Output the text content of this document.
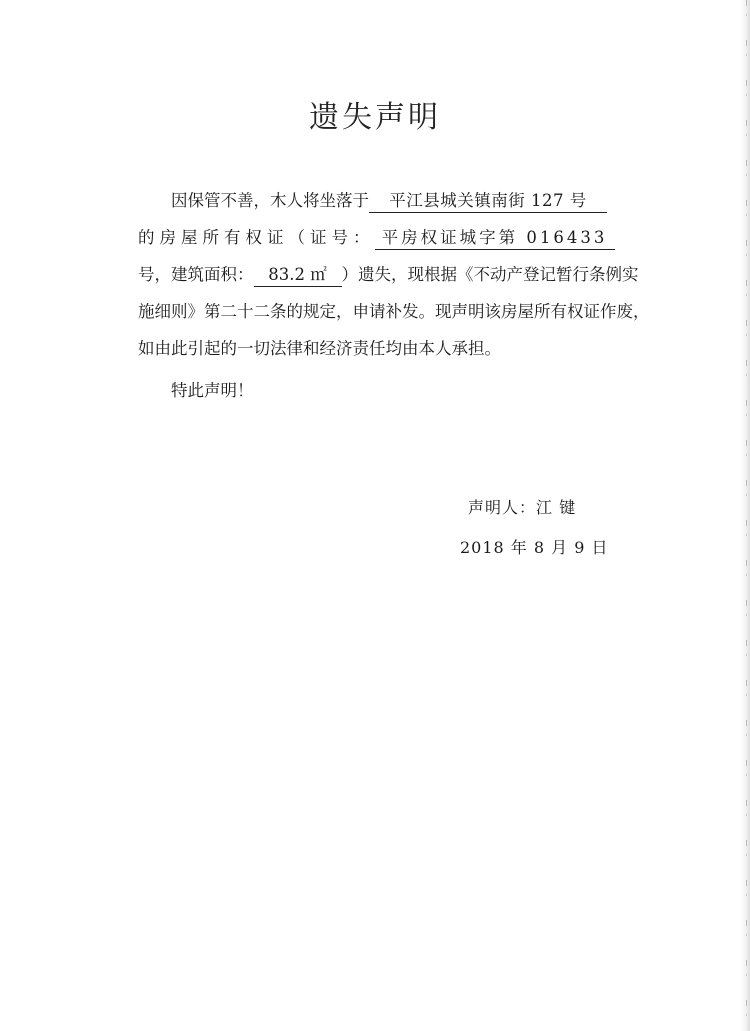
遗失声明
因保管不善，木人将坐落于 平江县城关镇南街 127 号
的房屋所有权证（证号： 平房权证城字第 016433
号，建筑面积： 83.2 ㎡ ）遗失，现根据《不动产登记暂行条例实
施细则》第二十二条的规定，申请补发。现声明该房屋所有权证作废，
如由此引起的一切法律和经济责任均由本人承担。
特此声明！
声明人：江 键
2018 年 8 月 9 日
